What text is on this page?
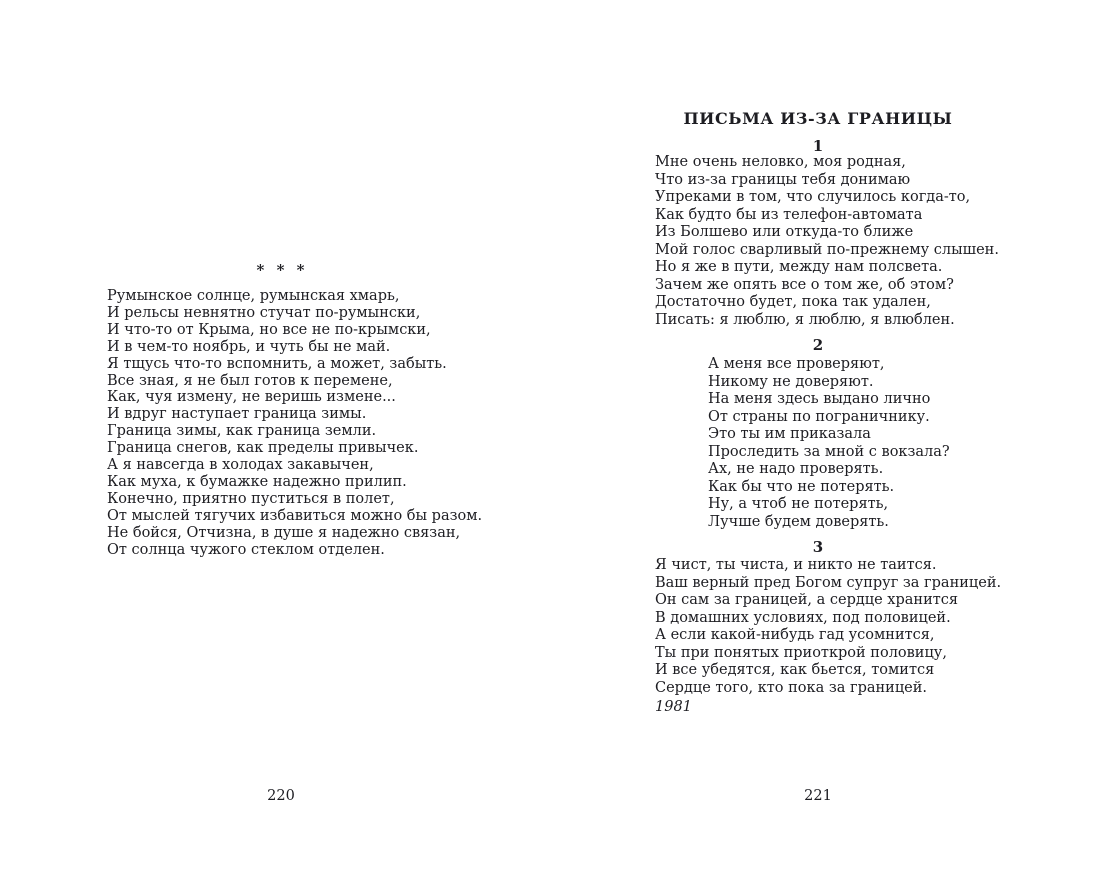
* * *
Румынское солнце, румынская хмарь,
И рельсы невнятно стучат по-румынски,
И что-то от Крыма, но все не по-крымски,
И в чем-то ноябрь, и чуть бы не май.
Я тщусь что-то вспомнить, а может, забыть.
Все зная, я не был готов к перемене,
Как, чуя измену, не веришь измене...
И вдруг наступает граница зимы.
Граница зимы, как граница земли.
Граница снегов, как пределы привычек.
А я навсегда в холодах закавычен,
Как муха, к бумажке надежно прилип.
Конечно, приятно пуститься в полет,
От мыслей тягучих избавиться можно бы разом.
Не бойся, Отчизна, в душе я надежно связан,
От солнца чужого стеклом отделен.
220
ПИСЬМА ИЗ-ЗА ГРАНИЦЫ
1
Мне очень неловко, моя родная,
Что из-за границы тебя донимаю
Упреками в том, что случилось когда-то,
Как будто бы из телефон-автомата
Из Болшево или откуда-то ближе
Мой голос сварливый по-прежнему слышен.
Но я же в пути, между нам полсвета.
Зачем же опять все о том же, об этом?
Достаточно будет, пока так удален,
Писать: я люблю, я люблю, я влюблен.
2
А меня все проверяют,
Никому не доверяют.
На меня здесь выдано лично
От страны по пограничнику.
Это ты им приказала
Проследить за мной с вокзала?
Ах, не надо проверять.
Как бы что не потерять.
Ну, а чтоб не потерять,
Лучше будем доверять.
3
Я чист, ты чиста, и никто не таится.
Ваш верный пред Богом супруг за границей.
Он сам за границей, а сердце хранится
В домашних условиях, под половицей.
А если какой-нибудь гад усомнится,
Ты при понятых приоткрой половицу,
И все убедятся, как бьется, томится
Сердце того, кто пока за границей.
1981
221
